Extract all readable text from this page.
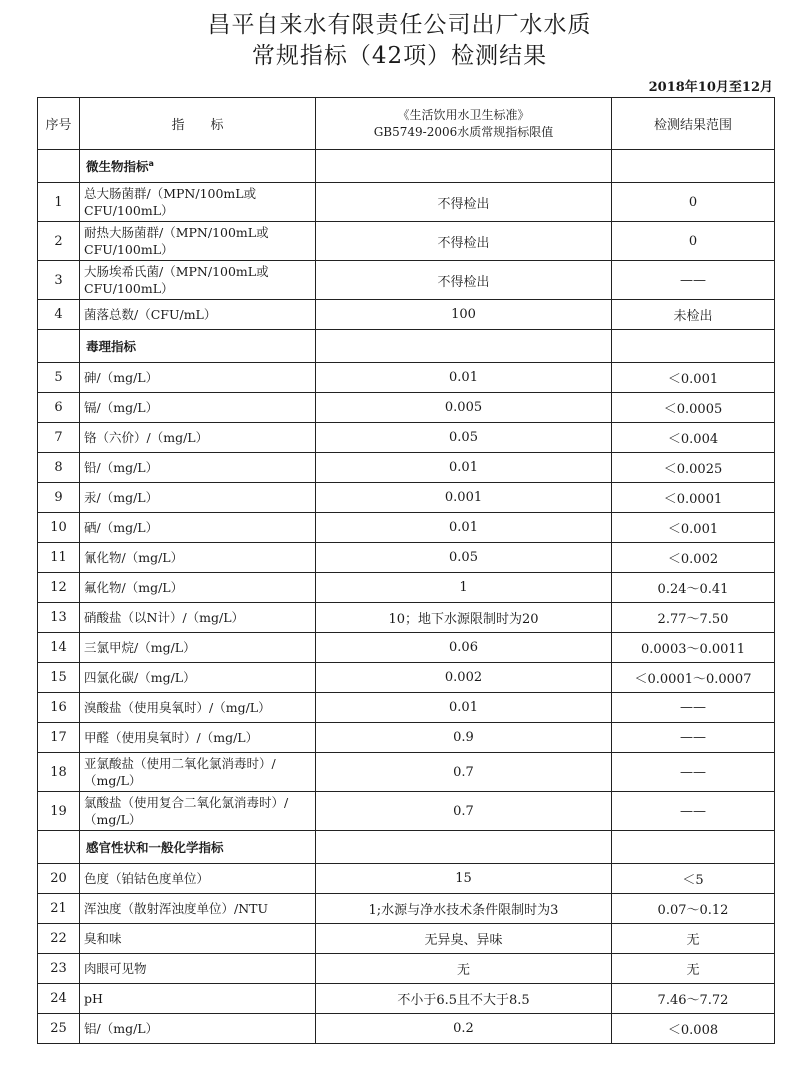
昌平自来水有限责任公司出厂水水质
常规指标（42项）检测结果
2018年10月至12月
序号	指　　标	《生活饮用水卫生标准》
GB5749-2006水质常规指标限值	检测结果范围
	微生物指标$^a$		
1	总大肠菌群/（MPN/100mL或CFU/100mL）	不得检出	0
2	耐热大肠菌群/（MPN/100mL或CFU/100mL）	不得检出	0
3	大肠埃希氏菌/（MPN/100mL或CFU/100mL）	不得检出	——
4	菌落总数/（CFU/mL）	100	未检出
	毒理指标		
5	砷/（mg/L）	0.01	＜0.001
6	镉/（mg/L）	0.005	＜0.0005
7	铬（六价）/（mg/L）	0.05	＜0.004
8	铅/（mg/L）	0.01	＜0.0025
9	汞/（mg/L）	0.001	＜0.0001
10	硒/（mg/L）	0.01	＜0.001
11	氰化物/（mg/L）	0.05	＜0.002
12	氟化物/（mg/L）	1	0.24～0.41
13	硝酸盐（以N计）/（mg/L）	10；地下水源限制时为20	2.77～7.50
14	三氯甲烷/（mg/L）	0.06	0.0003～0.0011
15	四氯化碳/（mg/L）	0.002	＜0.0001～0.0007
16	溴酸盐（使用臭氧时）/（mg/L）	0.01	——
17	甲醛（使用臭氧时）/（mg/L）	0.9	——
18	亚氯酸盐（使用二氧化氯消毒时）/（mg/L）	0.7	——
19	氯酸盐（使用复合二氧化氯消毒时）/（mg/L）	0.7	——
	感官性状和一般化学指标		
20	色度（铂钴色度单位）	15	＜5
21	浑浊度（散射浑浊度单位）/NTU	1;水源与净水技术条件限制时为3	0.07～0.12
22	臭和味	无异臭、异味	无
23	肉眼可见物	无	无
24	pH	不小于6.5且不大于8.5	7.46～7.72
25	铝/（mg/L）	0.2	＜0.008
